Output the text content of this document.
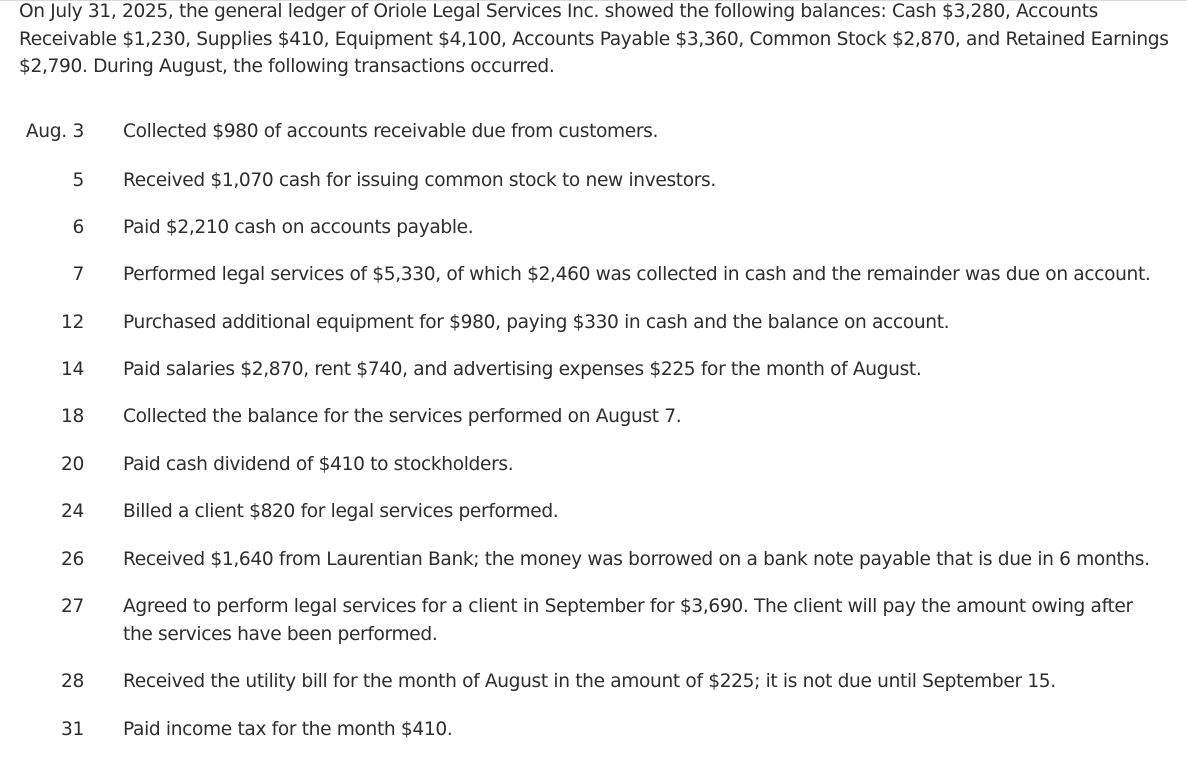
On July 31, 2025, the general ledger of Oriole Legal Services Inc. showed the following balances: Cash $3,280, Accounts Receivable $1,230, Supplies $410, Equipment $4,100, Accounts Payable $3,360, Common Stock $2,870, and Retained Earnings $2,790. During August, the following transactions occurred.

Aug. 3 Collected $980 of accounts receivable due from customers.
5 Received $1,070 cash for issuing common stock to new investors.
6 Paid $2,210 cash on accounts payable.
7 Performed legal services of $5,330, of which $2,460 was collected in cash and the remainder was due on account.
12 Purchased additional equipment for $980, paying $330 in cash and the balance on account.
14 Paid salaries $2,870, rent $740, and advertising expenses $225 for the month of August.
18 Collected the balance for the services performed on August 7.
20 Paid cash dividend of $410 to stockholders.
24 Billed a client $820 for legal services performed.
26 Received $1,640 from Laurentian Bank; the money was borrowed on a bank note payable that is due in 6 months.
27 Agreed to perform legal services for a client in September for $3,690. The client will pay the amount owing after the services have been performed.
28 Received the utility bill for the month of August in the amount of $225; it is not due until September 15.
31 Paid income tax for the month $410.
